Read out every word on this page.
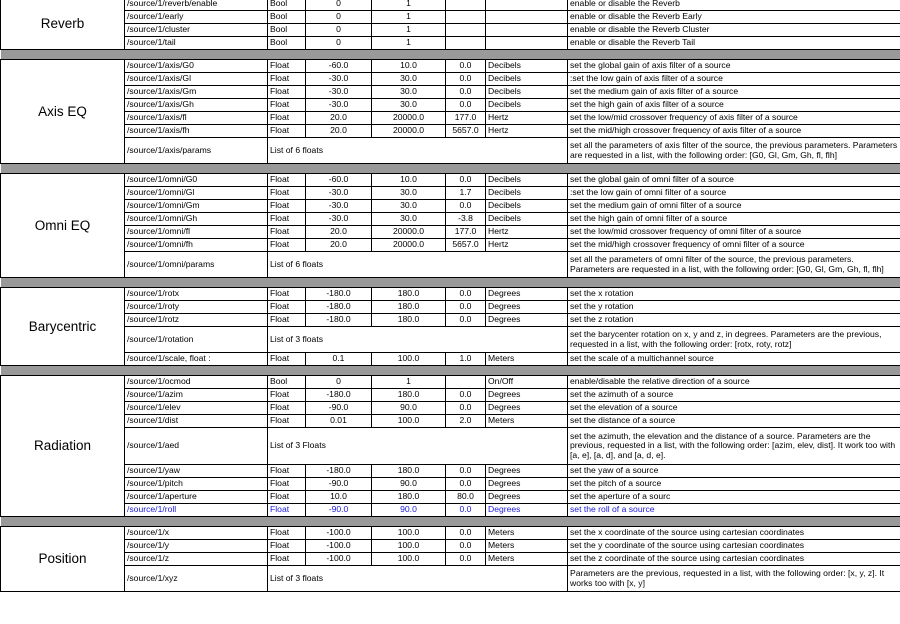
Reverb	/source/1/reverb/enable	Bool	0	1			enable or disable the Reverb
	/source/1/early	Bool	0	1			enable or disable the Reverb Early
	/source/1/cluster	Bool	0	1			enable or disable the Reverb Cluster
	/source/1/tail	Bool	0	1			enable or disable the Reverb Tail

Axis EQ	/source/1/axis/G0	Float	-60.0	10.0	0.0	Decibels	set the global gain of axis filter of a source
	/source/1/axis/Gl	Float	-30.0	30.0	0.0	Decibels	:set the low gain of axis filter of a source
	/source/1/axis/Gm	Float	-30.0	30.0	0.0	Decibels	set the medium gain of axis filter of a source
	/source/1/axis/Gh	Float	-30.0	30.0	0.0	Decibels	set the high gain of axis filter of a source
	/source/1/axis/fl	Float	20.0	20000.0	177.0	Hertz	set the low/mid crossover frequency of axis filter of a source
	/source/1/axis/fh	Float	20.0	20000.0	5657.0	Hertz	set the mid/high crossover frequency of axis filter of a source
	/source/1/axis/params	List of 6 floats					set all the parameters of axis filter of the source, the previous parameters. Parameters are requested in a list, with the following order: [G0, Gl, Gm, Gh, fl, flh]

Omni EQ	/source/1/omni/G0	Float	-60.0	10.0	0.0	Decibels	set the global gain of omni filter of a source
	/source/1/omni/Gl	Float	-30.0	30.0	1.7	Decibels	:set the low gain of omni filter of a source
	/source/1/omni/Gm	Float	-30.0	30.0	0.0	Decibels	set the medium gain of omni filter of a source
	/source/1/omni/Gh	Float	-30.0	30.0	-3.8	Decibels	set the high gain of omni filter of a source
	/source/1/omni/fl	Float	20.0	20000.0	177.0	Hertz	set the low/mid crossover frequency of omni filter of a source
	/source/1/omni/fh	Float	20.0	20000.0	5657.0	Hertz	set the mid/high crossover frequency of omni filter of a source
	/source/1/omni/params	List of 6 floats					set all the parameters of omni filter of the source, the previous parameters. Parameters are requested in a list, with the following order: [G0, Gl, Gm, Gh, fl, flh]

Barycentric	/source/1/rotx	Float	-180.0	180.0	0.0	Degrees	set the x rotation
	/source/1/roty	Float	-180.0	180.0	0.0	Degrees	set the y rotation
	/source/1/rotz	Float	-180.0	180.0	0.0	Degrees	set the z rotation
	/source/1/rotation	List of 3 floats					set the barycenter rotation on x, y and z, in degrees. Parameters are the previous, requested in a list, with the following order: [rotx, roty, rotz]
	/source/1/scale, float :	Float	0.1	100.0	1.0	Meters	set the scale of a multichannel source

Radiation	/source/1/ocmod	Bool	0	1		On/Off	enable/disable the relative direction of a source
	/source/1/azim	Float	-180.0	180.0	0.0	Degrees	set the azimuth of a source
	/source/1/elev	Float	-90.0	90.0	0.0	Degrees	set the elevation of a source
	/source/1/dist	Float	0.01	100.0	2.0	Meters	set the distance of a source
	/source/1/aed	List of 3 Floats					set the azimuth, the elevation and the distance of a source. Parameters are the previous, requested in a list, with the following order: [azim, elev, dist]. It work too with [a, e], [a, d], and [a, d, e].
	/source/1/yaw	Float	-180.0	180.0	0.0	Degrees	set the yaw of a source
	/source/1/pitch	Float	-90.0	90.0	0.0	Degrees	set the pitch of a source
	/source/1/aperture	Float	10.0	180.0	80.0	Degrees	set the aperture of a sourc
	/source/1/roll	Float	-90.0	90.0	0.0	Degrees	set the roll of a source

Position	/source/1/x	Float	-100.0	100.0	0.0	Meters	set the x coordinate of the source using cartesian coordinates
	/source/1/y	Float	-100.0	100.0	0.0	Meters	set the y coordinate of the source using cartesian coordinates
	/source/1/z	Float	-100.0	100.0	0.0	Meters	set the z coordinate of the source using cartesian coordinates
	/source/1/xyz	List of 3 floats					Parameters are the previous, requested in a list, with the following order: [x, y, z]. It works too with [x, y]
